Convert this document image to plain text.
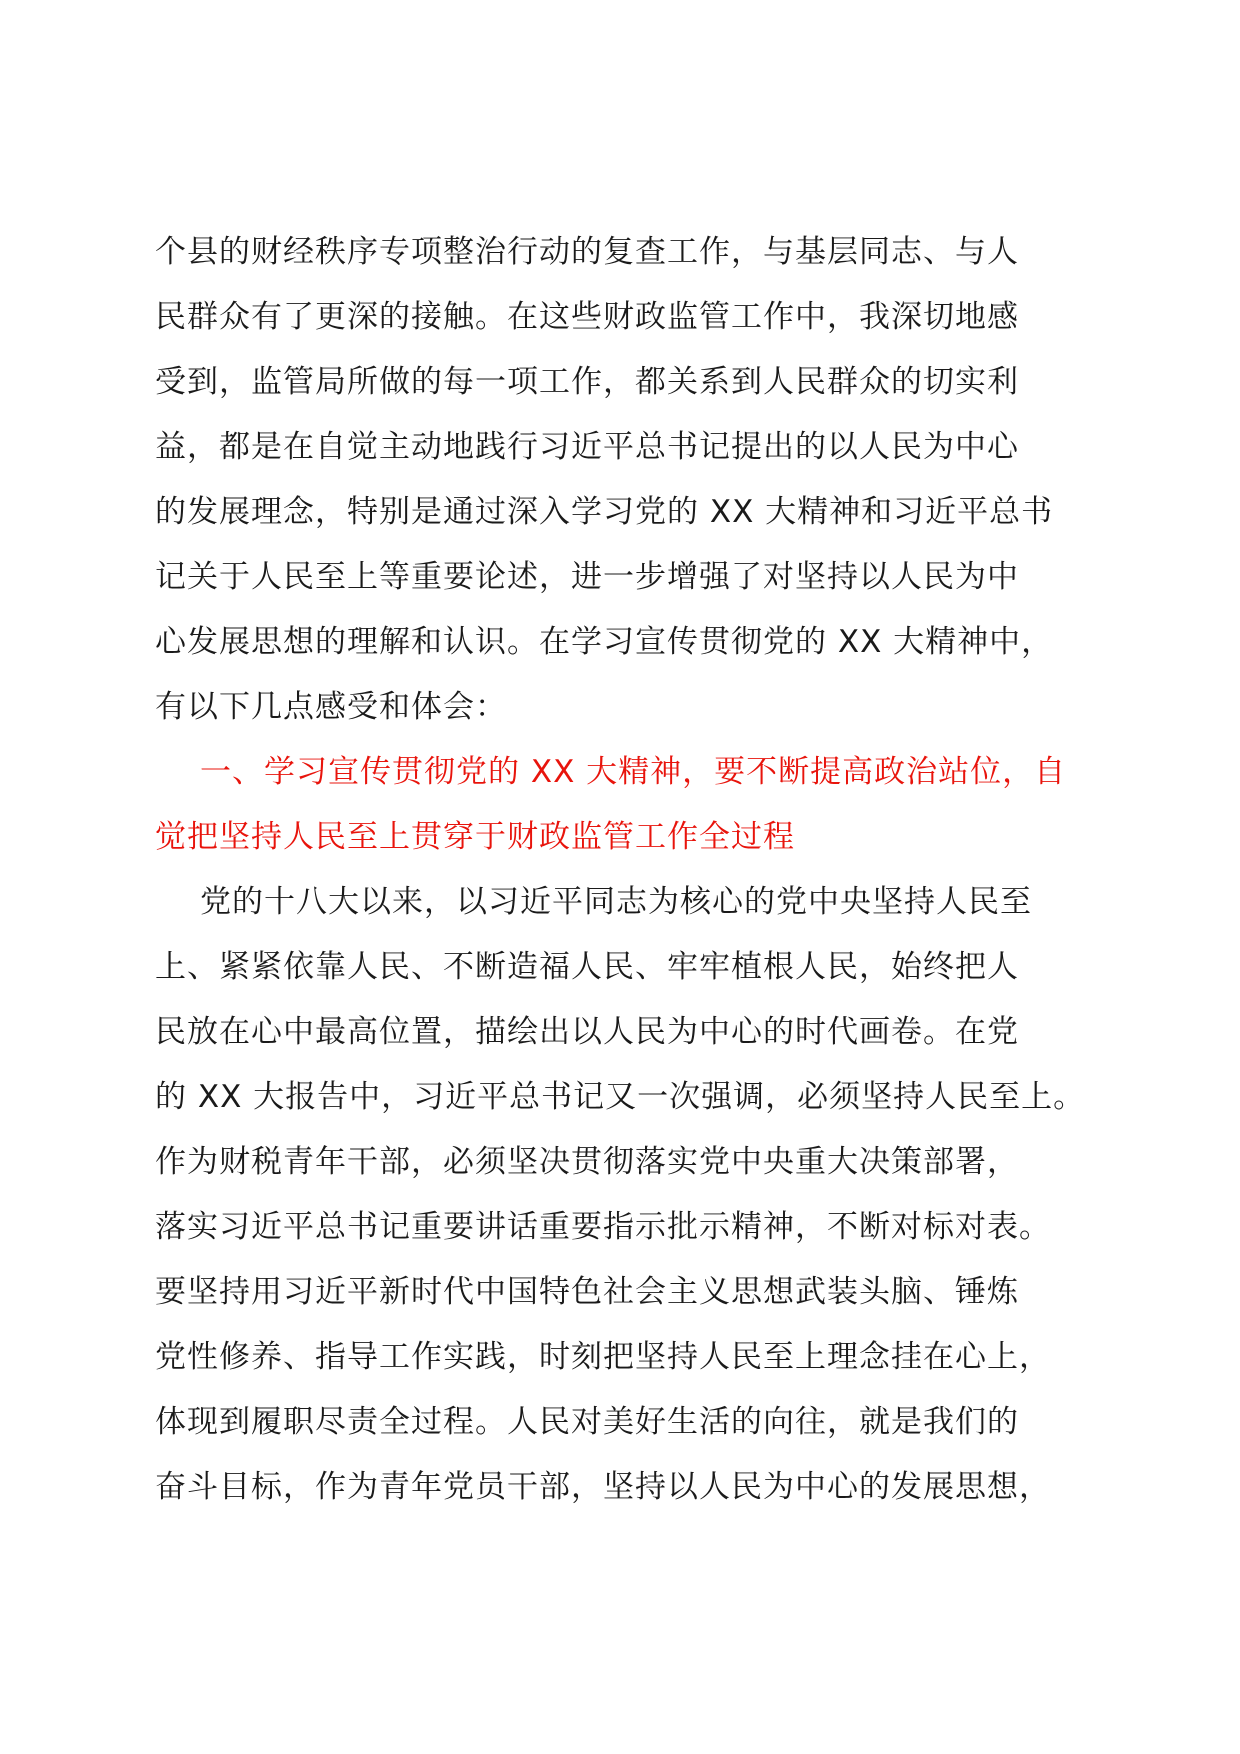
个县的财经秩序专项整治行动的复查工作，与基层同志、与人
民群众有了更深的接触。在这些财政监管工作中，我深切地感
受到，监管局所做的每一项工作，都关系到人民群众的切实利
益，都是在自觉主动地践行习近平总书记提出的以人民为中心
的发展理念，特别是通过深入学习党的 XX 大精神和习近平总书
记关于人民至上等重要论述，进一步增强了对坚持以人民为中
心发展思想的理解和认识。在学习宣传贯彻党的 XX 大精神中，
有以下几点感受和体会：
一、学习宣传贯彻党的 XX 大精神，要不断提高政治站位，自
觉把坚持人民至上贯穿于财政监管工作全过程
党的十八大以来，以习近平同志为核心的党中央坚持人民至
上、紧紧依靠人民、不断造福人民、牢牢植根人民，始终把人
民放在心中最高位置，描绘出以人民为中心的时代画卷。在党
的 XX 大报告中，习近平总书记又一次强调，必须坚持人民至上。
作为财税青年干部，必须坚决贯彻落实党中央重大决策部署，
落实习近平总书记重要讲话重要指示批示精神，不断对标对表。
要坚持用习近平新时代中国特色社会主义思想武装头脑、锤炼
党性修养、指导工作实践，时刻把坚持人民至上理念挂在心上，
体现到履职尽责全过程。人民对美好生活的向往，就是我们的
奋斗目标，作为青年党员干部，坚持以人民为中心的发展思想，
